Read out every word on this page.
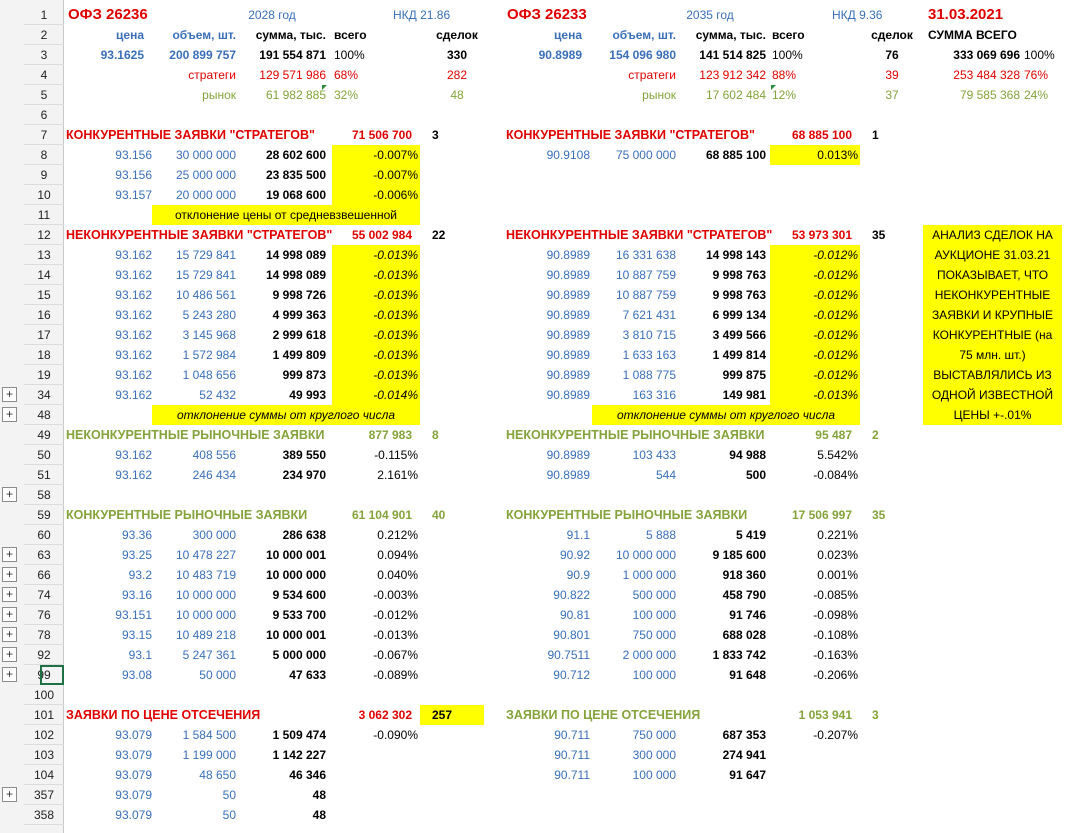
1
2
3
4
5
6
7
8
9
10
11
12
13
14
15
16
17
18
19
34
48
49
50
51
58
59
60
63
66
74
76
78
92
99
100
101
102
103
104
357
358
+
+
+
+
+
+
+
+
+
+
+
ОФЗ 26236	2028 год	НКД 21.86
цена	объем, шт.	сумма, тыс. всего	сделок
93.1625	200 899 757	191 554 871 100%	330
стратеги	129 571 986 68%	282
рынок	61 982 885 32%	48
ОФЗ 26233	2035 год	НКД 9.36
цена	объем, шт.	сумма, тыс. всего	сделок
90.8989	154 096 980	141 514 825 100%	76
стратеги	123 912 342 88%	39
рынок	17 602 484 12%	37
31.03.2021
СУММА ВСЕГО
333 069 696 100%
253 484 328 76%
79 585 368 24%
КОНКУРЕНТНЫЕ ЗАЯВКИ "СТРАТЕГОВ"	71 506 700 3
93.156	30 000 000	28 602 600	-0.007%
93.156	25 000 000	23 835 500	-0.007%
93.157	20 000 000	19 068 600	-0.006%
отклонение цены от средневзвешенной
НЕКОНКУРЕНТНЫЕ ЗАЯВКИ "СТРАТЕГОВ"	55 002 984 22
93.162	15 729 841	14 998 089	-0.013%
93.162	15 729 841	14 998 089	-0.013%
93.162	10 486 561	9 998 726	-0.013%
93.162	5 243 280	4 999 363	-0.013%
93.162	3 145 968	2 999 618	-0.013%
93.162	1 572 984	1 499 809	-0.013%
93.162	1 048 656	999 873	-0.013%
93.162	52 432	49 993	-0.014%
отклонение суммы от круглого числа
НЕКОНКУРЕНТНЫЕ РЫНОЧНЫЕ ЗАЯВКИ	877 983 8
93.162	408 556	389 550	-0.115%
93.162	246 434	234 970	2.161%
КОНКУРЕНТНЫЕ РЫНОЧНЫЕ ЗАЯВКИ	61 104 901 40
93.36	300 000	286 638	0.212%
93.25	10 478 227	10 000 001	0.094%
93.2	10 483 719	10 000 000	0.040%
93.16	10 000 000	9 534 600	-0.003%
93.151	10 000 000	9 533 700	-0.012%
93.15	10 489 218	10 000 001	-0.013%
93.1	5 247 361	5 000 000	-0.067%
93.08	50 000	47 633	-0.089%
ЗАЯВКИ ПО ЦЕНЕ ОТСЕЧЕНИЯ	3 062 302 257
93.079	1 584 500	1 509 474	-0.090%
93.079	1 199 000	1 142 227
93.079	48 650	46 346
93.079	50	48
93.079	50	48
КОНКУРЕНТНЫЕ ЗАЯВКИ "СТРАТЕГОВ"	68 885 100 1
90.9108	75 000 000	68 885 100	0.013%
НЕКОНКУРЕНТНЫЕ ЗАЯВКИ "СТРАТЕГОВ"	53 973 301 35
90.8989	16 331 638	14 998 143	-0.012%
90.8989	10 887 759	9 998 763	-0.012%
90.8989	10 887 759	9 998 763	-0.012%
90.8989	7 621 431	6 999 134	-0.012%
90.8989	3 810 715	3 499 566	-0.012%
90.8989	1 633 163	1 499 814	-0.012%
90.8989	1 088 775	999 875	-0.012%
90.8989	163 316	149 981	-0.013%
отклонение суммы от круглого числа
НЕКОНКУРЕНТНЫЕ РЫНОЧНЫЕ ЗАЯВКИ	95 487 2
90.8989	103 433	94 988	5.542%
90.8989	544	500	-0.084%
КОНКУРЕНТНЫЕ РЫНОЧНЫЕ ЗАЯВКИ	17 506 997 35
91.1	5 888	5 419	0.221%
90.92	10 000 000	9 185 600	0.023%
90.9	1 000 000	918 360	0.001%
90.822	500 000	458 790	-0.085%
90.81	100 000	91 746	-0.098%
90.801	750 000	688 028	-0.108%
90.7511	2 000 000	1 833 742	-0.163%
90.712	100 000	91 648	-0.206%
ЗАЯВКИ ПО ЦЕНЕ ОТСЕЧЕНИЯ	1 053 941 3
90.711	750 000	687 353	-0.207%
90.711	300 000	274 941
90.711	100 000	91 647
АНАЛИЗ СДЕЛОК НА
АУКЦИОНЕ 31.03.21
ПОКАЗЫВАЕТ, ЧТО
НЕКОНКУРЕНТНЫЕ
ЗАЯВКИ И КРУПНЫЕ
КОНКУРЕНТНЫЕ (на
75 млн. шт.)
ВЫСТАВЛЯЛИСЬ ИЗ
ОДНОЙ ИЗВЕСТНОЙ
ЦЕНЫ +-.01%
